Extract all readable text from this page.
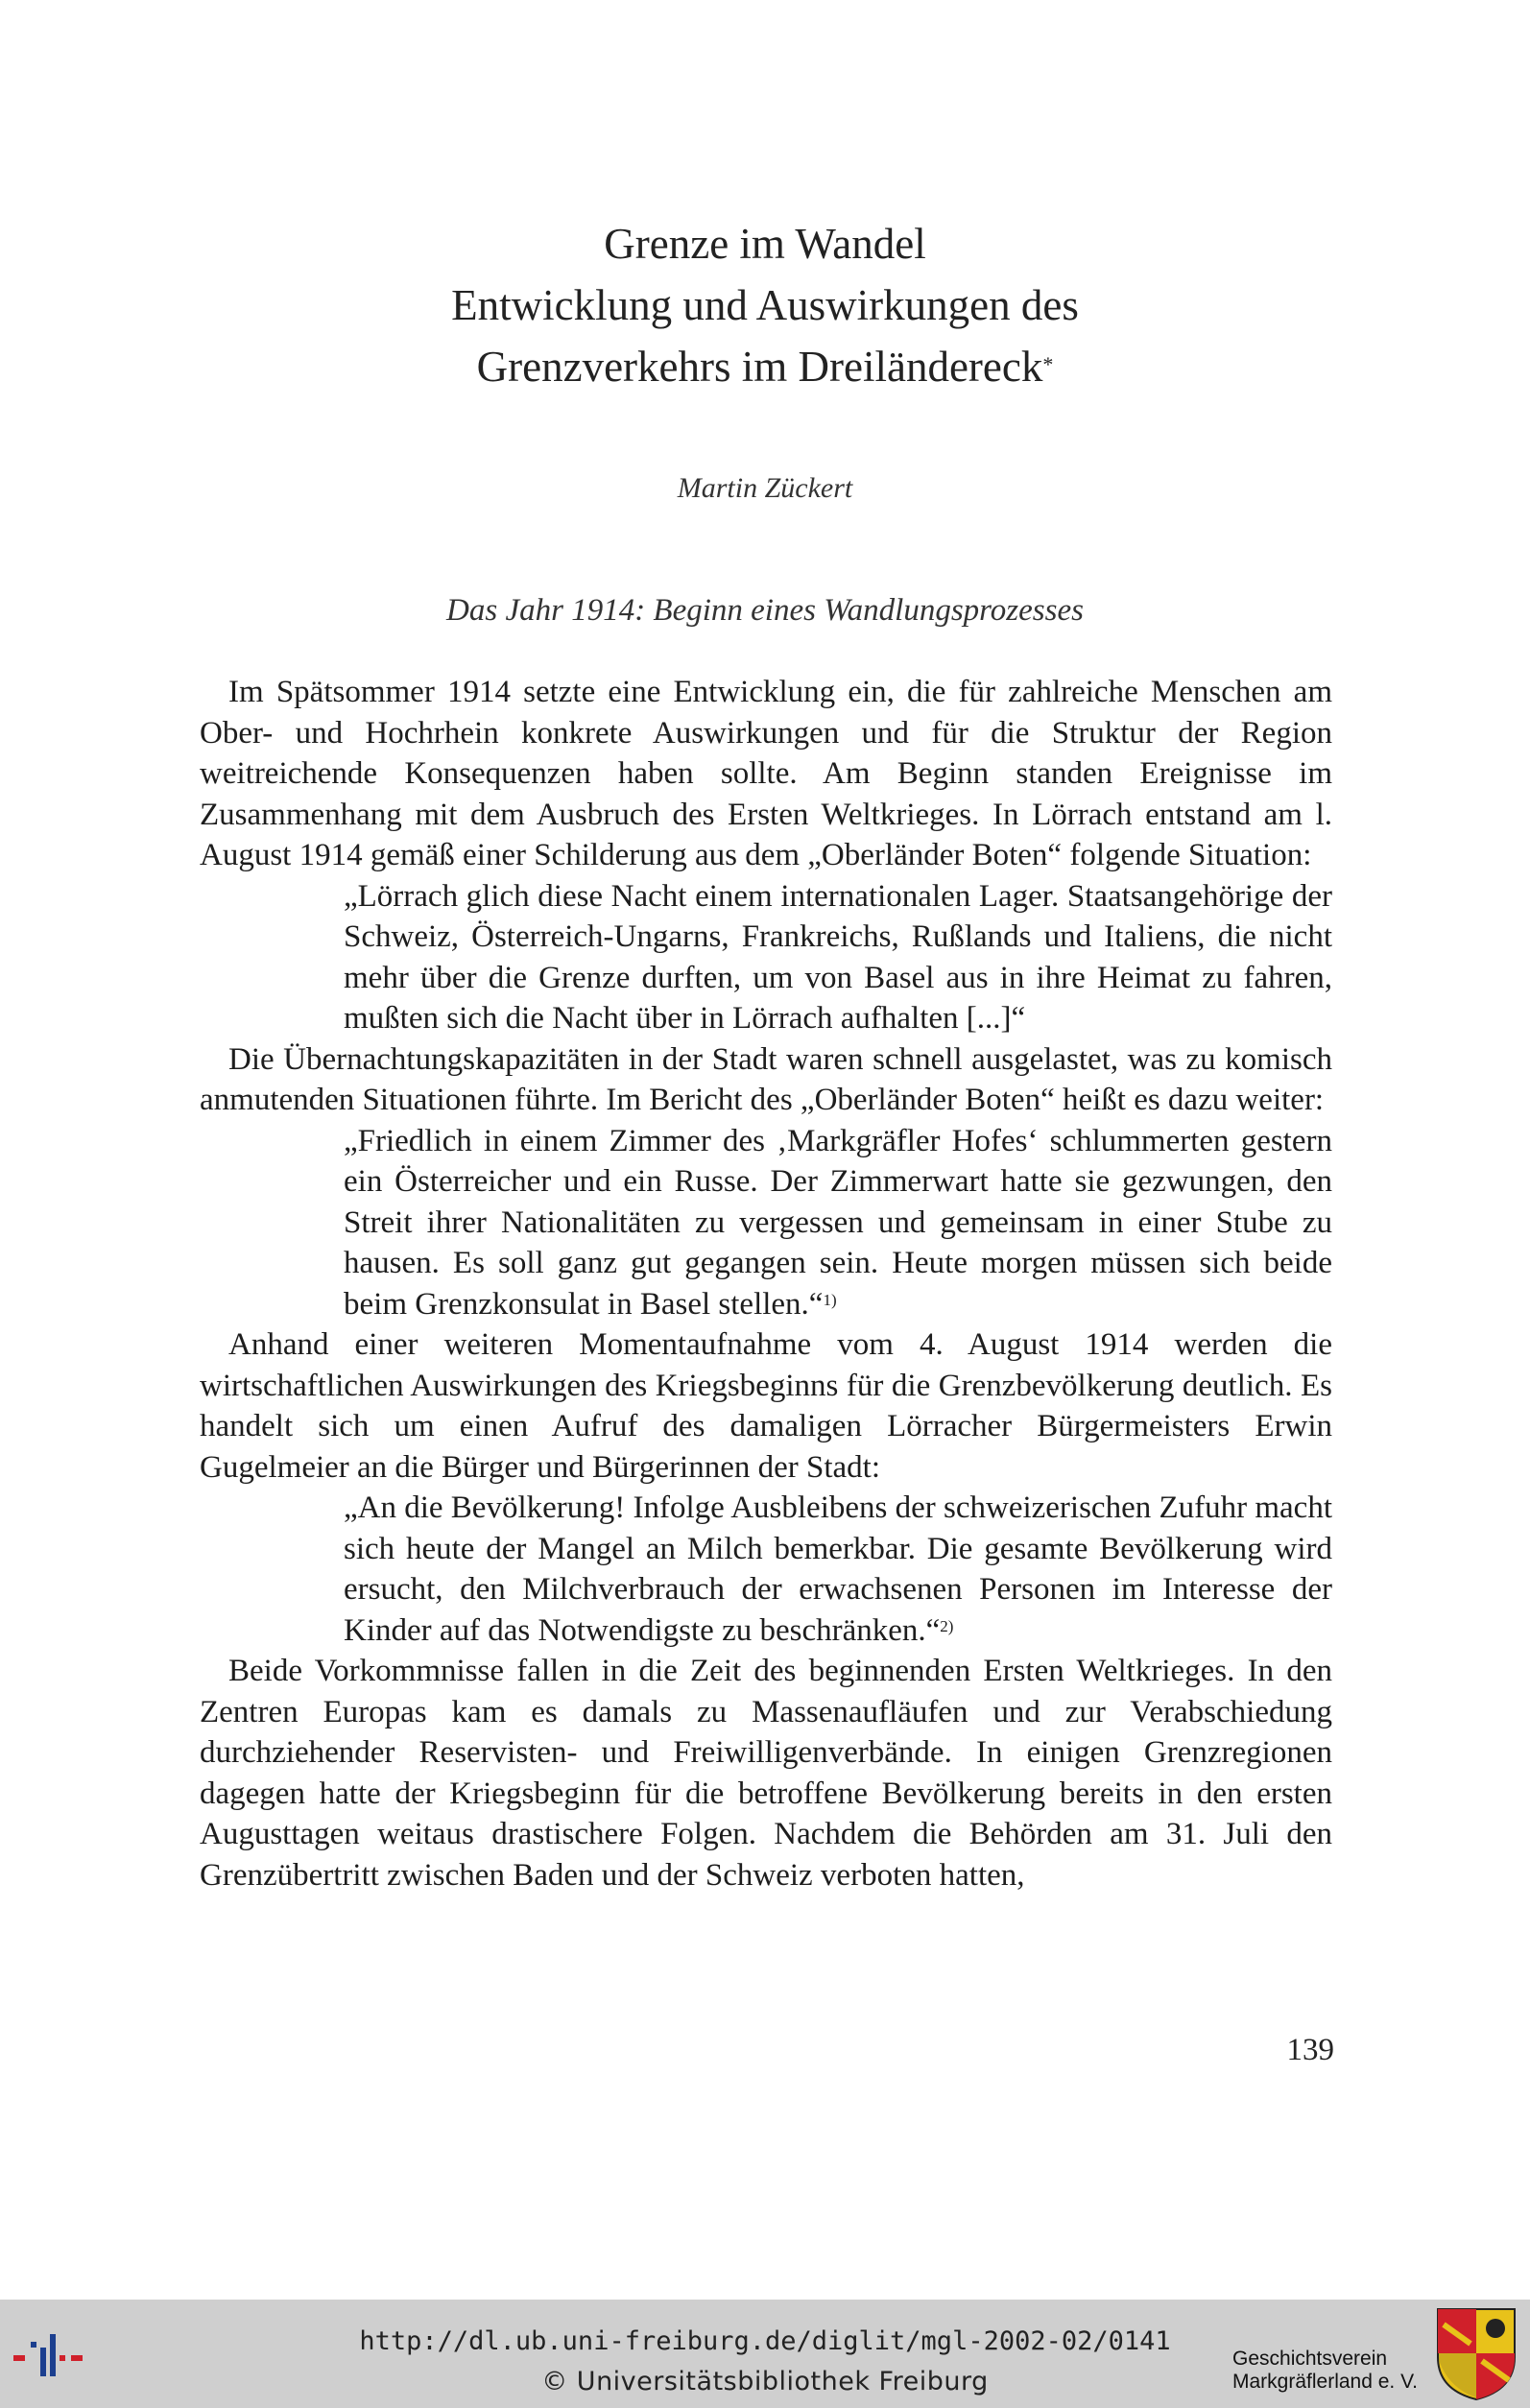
Grenze im Wandel
Entwicklung und Auswirkungen des
Grenzverkehrs im Dreiländereck*
Martin Zückert
Das Jahr 1914: Beginn eines Wandlungsprozesses

Im Spätsommer 1914 setzte eine Entwicklung ein, die für zahlreiche Menschen am Ober- und Hochrhein konkrete Auswirkungen und für die Struktur der Region weitreichende Konsequenzen haben sollte. Am Beginn standen Ereignisse im Zusammenhang mit dem Ausbruch des Ersten Weltkrieges. In Lörrach entstand am l. August 1914 gemäß einer Schilderung aus dem „Oberländer Boten“ folgende Situation:

„Lörrach glich diese Nacht einem internationalen Lager. Staatsangehörige der Schweiz, Österreich-Ungarns, Frankreichs, Rußlands und Italiens, die nicht mehr über die Grenze durften, um von Basel aus in ihre Heimat zu fahren, mußten sich die Nacht über in Lörrach aufhalten [...]“

Die Übernachtungskapazitäten in der Stadt waren schnell ausgelastet, was zu komisch anmutenden Situationen führte. Im Bericht des „Oberländer Boten“ heißt es dazu weiter:

„Friedlich in einem Zimmer des ‚Markgräfler Hofes‘ schlummerten gestern ein Österreicher und ein Russe. Der Zimmerwart hatte sie gezwungen, den Streit ihrer Nationalitäten zu vergessen und gemeinsam in einer Stube zu hausen. Es soll ganz gut gegangen sein. Heute morgen müssen sich beide beim Grenzkonsulat in Basel stellen.“$^{1)}$

Anhand einer weiteren Momentaufnahme vom 4. August 1914 werden die wirtschaftlichen Auswirkungen des Kriegsbeginns für die Grenzbevölkerung deutlich. Es handelt sich um einen Aufruf des damaligen Lörracher Bürgermeisters Erwin Gugelmeier an die Bürger und Bürgerinnen der Stadt:

„An die Bevölkerung! Infolge Ausbleibens der schweizerischen Zufuhr macht sich heute der Mangel an Milch bemerkbar. Die gesamte Bevölkerung wird ersucht, den Milchverbrauch der erwachsenen Personen im Interesse der Kinder auf das Notwendigste zu beschränken.“$^{2)}$

Beide Vorkommnisse fallen in die Zeit des beginnenden Ersten Weltkrieges. In den Zentren Europas kam es damals zu Massenaufläufen und zur Verabschiedung durchziehender Reservisten- und Freiwilligenverbände. In einigen Grenzregionen dagegen hatte der Kriegsbeginn für die betroffene Bevölkerung bereits in den ersten Augusttagen weitaus drastischere Folgen. Nachdem die Behörden am 31. Juli den Grenzübertritt zwischen Baden und der Schweiz verboten hatten,

139
http://dl.ub.uni-freiburg.de/diglit/mgl-2002-02/0141
© Universitätsbibliothek Freiburg
Geschichtsverein
Markgräflerland e. V.
